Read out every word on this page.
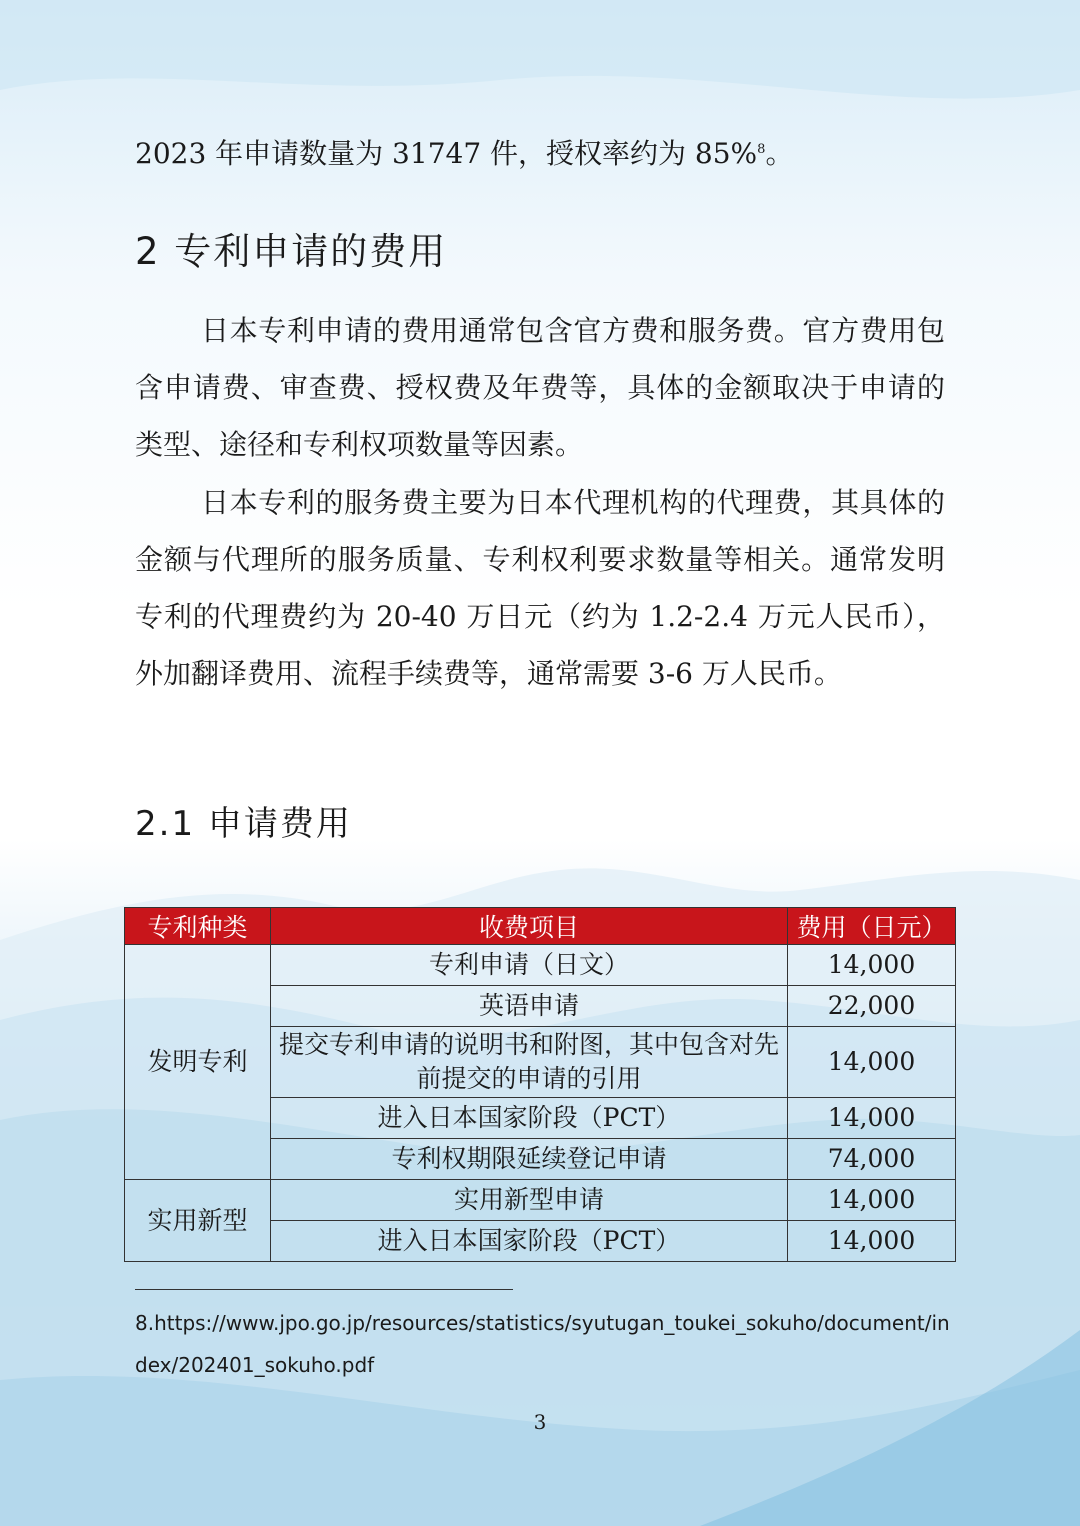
2023 年申请数量为 31747 件，授权率约为 85%$^8$。
2 专利申请的费用

日本专利申请的费用通常包含官方费和服务费。官方费用包含申请费、审查费、授权费及年费等，具体的金额取决于申请的类型、途径和专利权项数量等因素。

日本专利的服务费主要为日本代理机构的代理费，其具体的金额与代理所的服务质量、专利权利要求数量等相关。通常发明专利的代理费约为 20-40 万日元（约为 1.2-2.4 万元人民币），外加翻译费用、流程手续费等，通常需要 3-6 万人民币。

2.1 申请费用
专利种类	收费项目	费用（日元）
发明专利	专利申请（日文）	14,000
	英语申请	22,000
	提交专利申请的说明书和附图，其中包含对先前提交的申请的引用	14,000
	进入日本国家阶段（PCT）	14,000
	专利权期限延续登记申请	74,000
实用新型	实用新型申请	14,000
	进入日本国家阶段（PCT）	14,000
8.https://www.jpo.go.jp/resources/statistics/syutugan_toukei_sokuho/document/index/202401_sokuho.pdf
3
